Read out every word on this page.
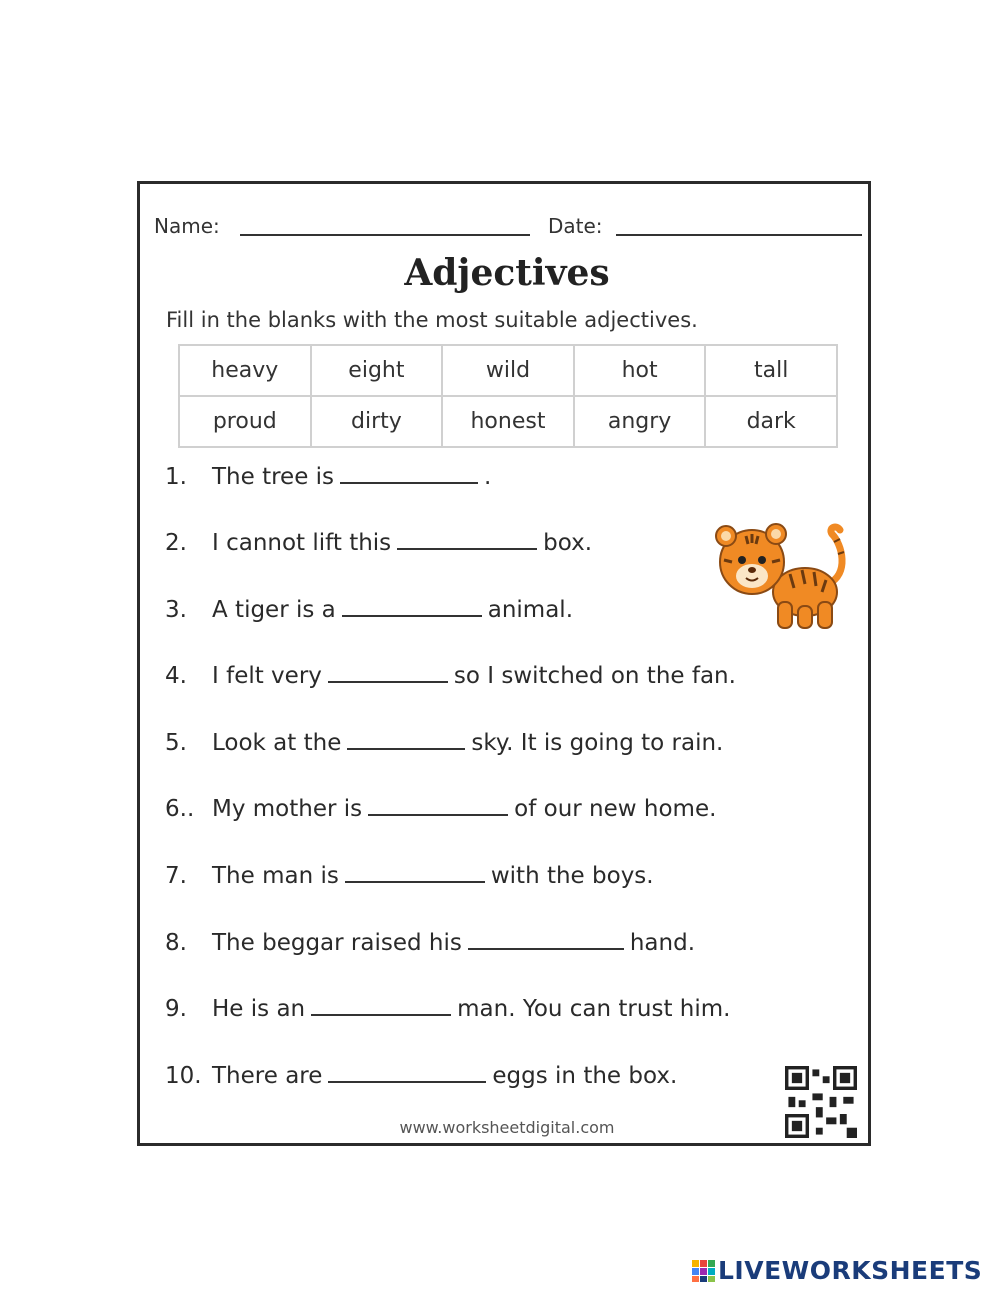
Name:	Date:
Adjectives
Fill in the blanks with the most suitable adjectives.
heavy	eight	wild	hot	tall
proud	dirty	honest	angry	dark
1. The tree is	.
2. I cannot lift this	box.
3. A tiger is a	animal.
4. I felt very	so I switched on the fan.
5. Look at the	sky. It is going to rain.
6.. My mother is	of our new home.
7. The man is	with the boys.
8. The beggar raised his	hand.
9. He is an	man. You can trust him.
10. There are	eggs in the box.
www.worksheetdigital.com
LIVEWORKSHEETS
